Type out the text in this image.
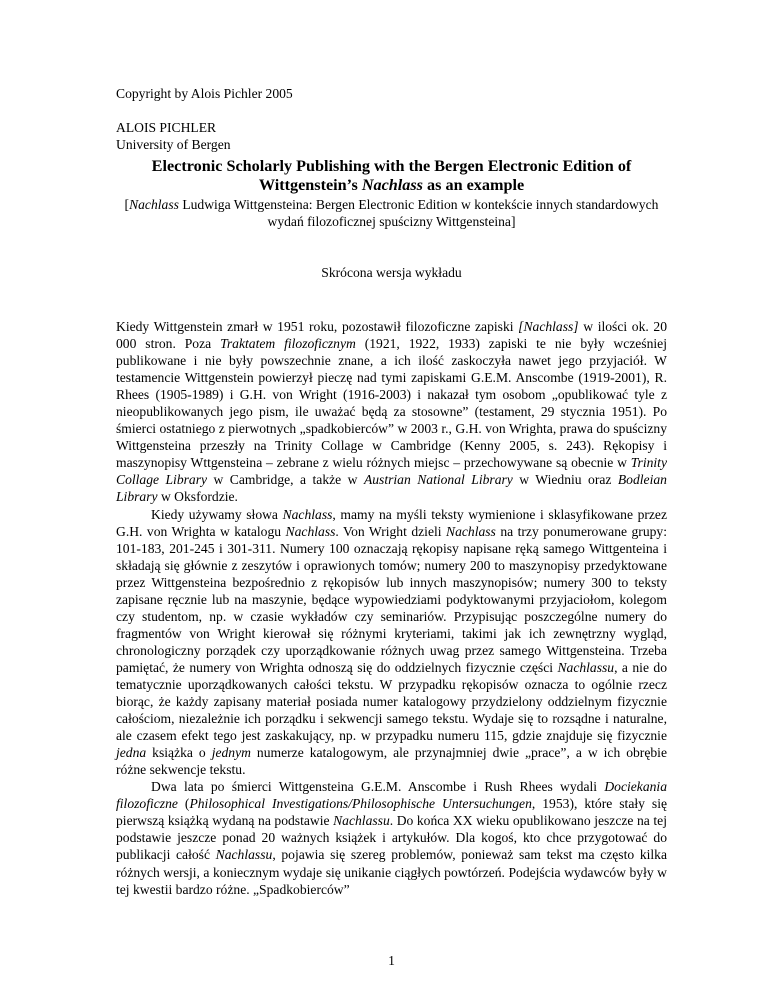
Copyright by Alois Pichler 2005
ALOIS PICHLER
University of Bergen
Electronic Scholarly Publishing with the Bergen Electronic Edition of Wittgenstein’s Nachlass as an example
[Nachlass Ludwiga Wittgensteina: Bergen Electronic Edition w kontekście innych standardowych wydań filozoficznej spuścizny Wittgensteina]
Skrócona wersja wykładu

Kiedy Wittgenstein zmarł w 1951 roku, pozostawił filozoficzne zapiski [Nachlass] w ilości ok. 20 000 stron. Poza Traktatem filozoficznym (1921, 1922, 1933) zapiski te nie były wcześniej publikowane i nie były powszechnie znane, a ich ilość zaskoczyła nawet jego przyjaciół. W testamencie Wittgenstein powierzył pieczę nad tymi zapiskami G.E.M. Anscombe (1919-2001), R. Rhees (1905-1989) i G.H. von Wright (1916-2003) i nakazał tym osobom „opublikować tyle z nieopublikowanych jego pism, ile uważać będą za stosowne” (testament, 29 stycznia 1951). Po śmierci ostatniego z pierwotnych „spadkobierców” w 2003 r., G.H. von Wrighta, prawa do spuścizny Wittgensteina przeszły na Trinity Collage w Cambridge (Kenny 2005, s. 243). Rękopisy i maszynopisy Wttgensteina – zebrane z wielu różnych miejsc – przechowywane są obecnie w Trinity Collage Library w Cambridge, a także w Austrian National Library w Wiedniu oraz Bodleian Library w Oksfordzie.

Kiedy używamy słowa Nachlass, mamy na myśli teksty wymienione i sklasyfikowane przez G.H. von Wrighta w katalogu Nachlass. Von Wright dzieli Nachlass na trzy ponumerowane grupy: 101-183, 201-245 i 301-311. Numery 100 oznaczają rękopisy napisane ręką samego Wittgenteina i składają się głównie z zeszytów i oprawionych tomów; numery 200 to maszynopisy przedyktowane przez Wittgensteina bezpośrednio z rękopisów lub innych maszynopisów; numery 300 to teksty zapisane ręcznie lub na maszynie, będące wypowiedziami podyktowanymi przyjaciołom, kolegom czy studentom, np. w czasie wykładów czy seminariów. Przypisując poszczególne numery do fragmentów von Wright kierował się różnymi kryteriami, takimi jak ich zewnętrzny wygląd, chronologiczny porządek czy uporządkowanie różnych uwag przez samego Wittgensteina. Trzeba pamiętać, że numery von Wrighta odnoszą się do oddzielnych fizycznie części Nachlassu, a nie do tematycznie uporządkowanych całości tekstu. W przypadku rękopisów oznacza to ogólnie rzecz biorąc, że każdy zapisany materiał posiada numer katalogowy przydzielony oddzielnym fizycznie całościom, niezależnie ich porządku i sekwencji samego tekstu. Wydaje się to rozsądne i naturalne, ale czasem efekt tego jest zaskakujący, np. w przypadku numeru 115, gdzie znajduje się fizycznie jedna książka o jednym numerze katalogowym, ale przynajmniej dwie „prace”, a w ich obrębie różne sekwencje tekstu.

Dwa lata po śmierci Wittgensteina G.E.M. Anscombe i Rush Rhees wydali Dociekania filozoficzne (Philosophical Investigations/Philosophische Untersuchungen, 1953), które stały się pierwszą książką wydaną na podstawie Nachlassu. Do końca XX wieku opublikowano jeszcze na tej podstawie jeszcze ponad 20 ważnych książek i artykułów. Dla kogoś, kto chce przygotować do publikacji całość Nachlassu, pojawia się szereg problemów, ponieważ sam tekst ma często kilka różnych wersji, a koniecznym wydaje się unikanie ciągłych powtórzeń. Podejścia wydawców były w tej kwestii bardzo różne. „Spadkobierców”

1
